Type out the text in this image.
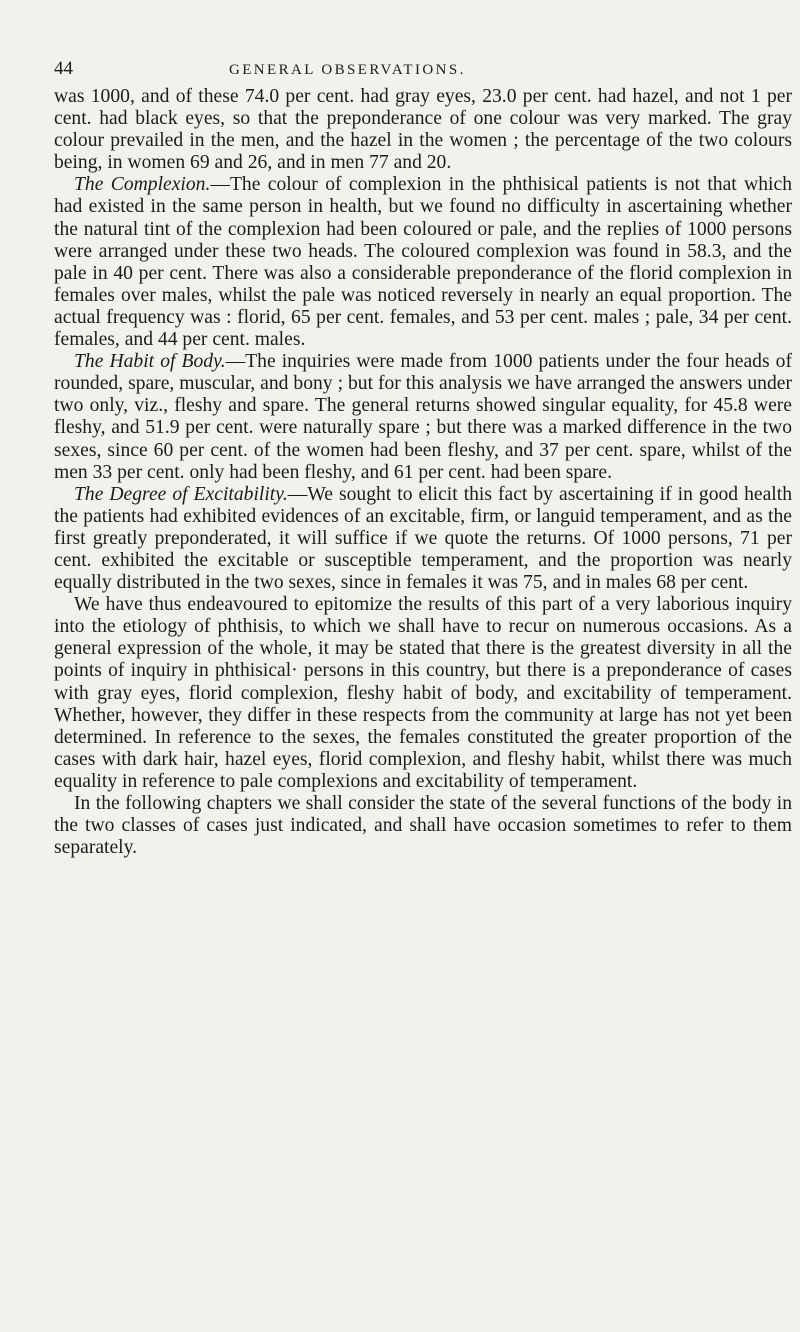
44	GENERAL OBSERVATIONS.

was 1000, and of these 74.0 per cent. had gray eyes, 23.0 per cent. had hazel, and not 1 per cent. had black eyes, so that the preponderance of one colour was very marked. The gray colour prevailed in the men, and the hazel in the women ; the percentage of the two colours being, in women 69 and 26, and in men 77 and 20.

The Complexion.—The colour of complexion in the phthisical patients is not that which had existed in the same person in health, but we found no difficulty in ascertaining whether the natural tint of the complexion had been coloured or pale, and the replies of 1000 persons were arranged under these two heads. The coloured complexion was found in 58.3, and the pale in 40 per cent. There was also a considerable preponderance of the florid complexion in females over males, whilst the pale was noticed reversely in nearly an equal proportion. The actual frequency was : florid, 65 per cent. females, and 53 per cent. males ; pale, 34 per cent. females, and 44 per cent. males.

The Habit of Body.—The inquiries were made from 1000 patients under the four heads of rounded, spare, muscular, and bony ; but for this analysis we have arranged the answers under two only, viz., fleshy and spare. The general returns showed singular equality, for 45.8 were fleshy, and 51.9 per cent. were naturally spare ; but there was a marked difference in the two sexes, since 60 per cent. of the women had been fleshy, and 37 per cent. spare, whilst of the men 33 per cent. only had been fleshy, and 61 per cent. had been spare.

The Degree of Excitability.—We sought to elicit this fact by ascertaining if in good health the patients had exhibited evidences of an excitable, firm, or languid temperament, and as the first greatly preponderated, it will suffice if we quote the returns. Of 1000 persons, 71 per cent. exhibited the excitable or susceptible temperament, and the proportion was nearly equally distributed in the two sexes, since in females it was 75, and in males 68 per cent.

We have thus endeavoured to epitomize the results of this part of a very laborious inquiry into the etiology of phthisis, to which we shall have to recur on numerous occasions. As a general expression of the whole, it may be stated that there is the greatest diversity in all the points of inquiry in phthisical· persons in this country, but there is a preponderance of cases with gray eyes, florid complexion, fleshy habit of body, and excitability of temperament. Whether, however, they differ in these respects from the community at large has not yet been determined. In reference to the sexes, the females constituted the greater proportion of the cases with dark hair, hazel eyes, florid complexion, and fleshy habit, whilst there was much equality in reference to pale complexions and excitability of temperament.

In the following chapters we shall consider the state of the several functions of the body in the two classes of cases just indicated, and shall have occasion sometimes to refer to them separately.
